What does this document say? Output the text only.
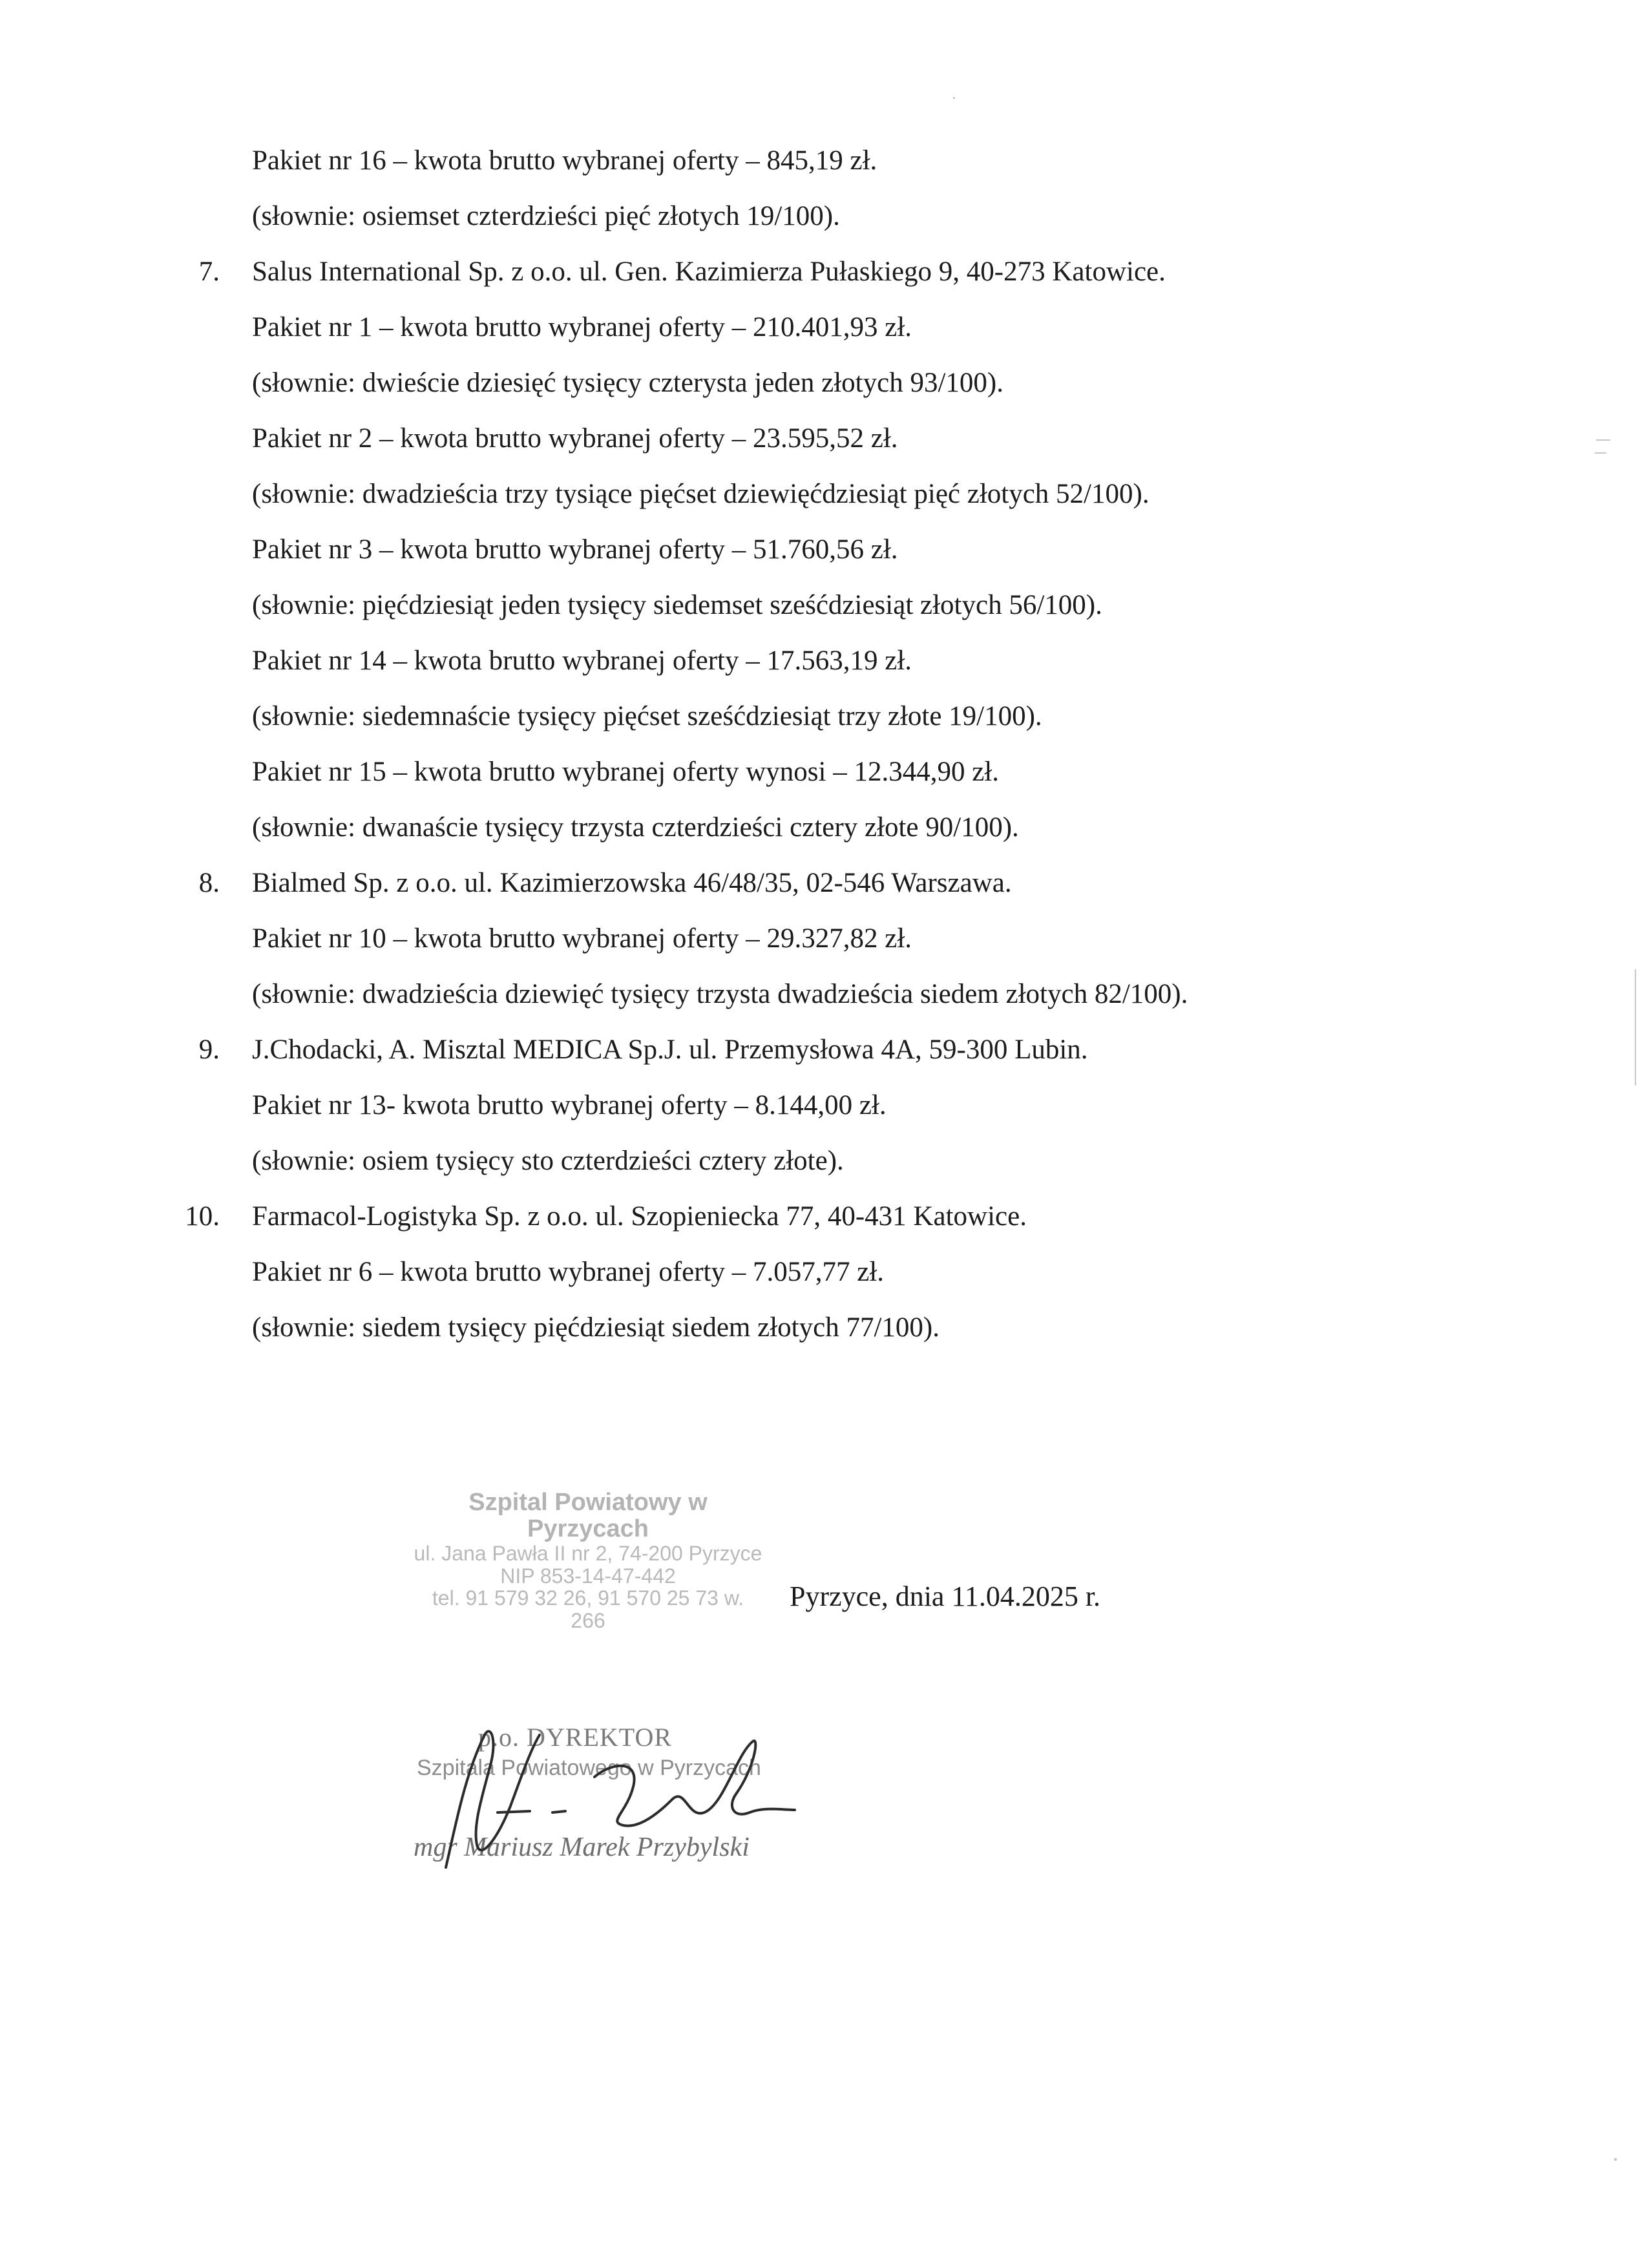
Pakiet nr 16 – kwota brutto wybranej oferty – 845,19 zł.
(słownie: osiemset czterdzieści pięć złotych 19/100).
7. Salus International Sp. z o.o. ul. Gen. Kazimierza Pułaskiego 9, 40-273 Katowice.
Pakiet nr 1 – kwota brutto wybranej oferty – 210.401,93 zł.
(słownie: dwieście dziesięć tysięcy czterysta jeden złotych 93/100).
Pakiet nr 2 – kwota brutto wybranej oferty – 23.595,52 zł.
(słownie: dwadzieścia trzy tysiące pięćset dziewięćdziesiąt pięć złotych 52/100).
Pakiet nr 3 – kwota brutto wybranej oferty – 51.760,56 zł.
(słownie: pięćdziesiąt jeden tysięcy siedemset sześćdziesiąt złotych 56/100).
Pakiet nr 14 – kwota brutto wybranej oferty – 17.563,19 zł.
(słownie: siedemnaście tysięcy pięćset sześćdziesiąt trzy złote 19/100).
Pakiet nr 15 – kwota brutto wybranej oferty wynosi – 12.344,90 zł.
(słownie: dwanaście tysięcy trzysta czterdzieści cztery złote 90/100).
8. Bialmed Sp. z o.o. ul. Kazimierzowska 46/48/35, 02-546 Warszawa.
Pakiet nr 10 – kwota brutto wybranej oferty – 29.327,82 zł.
(słownie: dwadzieścia dziewięć tysięcy trzysta dwadzieścia siedem złotych 82/100).
9. J.Chodacki, A. Misztal MEDICA Sp.J. ul. Przemysłowa 4A, 59-300 Lubin.
Pakiet nr 13- kwota brutto wybranej oferty – 8.144,00 zł.
(słownie: osiem tysięcy sto czterdzieści cztery złote).
10. Farmacol-Logistyka Sp. z o.o. ul. Szopieniecka 77, 40-431 Katowice.
Pakiet nr 6 – kwota brutto wybranej oferty – 7.057,77 zł.
(słownie: siedem tysięcy pięćdziesiąt siedem złotych 77/100).
Szpital Powiatowy w Pyrzycach
ul. Jana Pawła II nr 2, 74-200 Pyrzyce
NIP 853-14-47-442
tel. 91 579 32 26, 91 570 25 73 w. 266
Pyrzyce, dnia 11.04.2025 r.
p.o. DYREKTOR
Szpitala Powiatowego w Pyrzycach
mgr Mariusz Marek Przybylski
